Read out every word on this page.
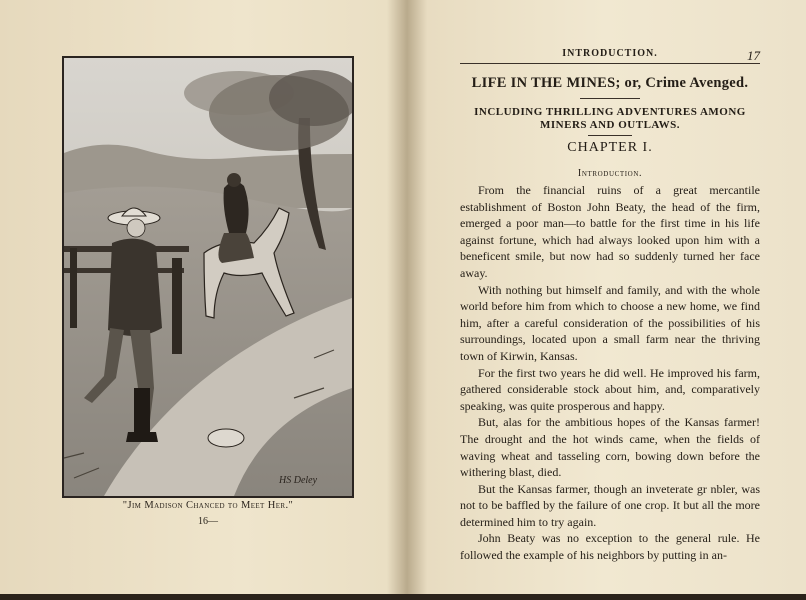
HS Deley
"Jim Madison Chanced to Meet Her."
16—
INTRODUCTION.	17
LIFE IN THE MINES; or, Crime Avenged.
INCLUDING THRILLING ADVENTURES AMONG MINERS AND OUTLAWS.
CHAPTER I.
Introduction.

From the financial ruins of a great mercantile establishment of Boston John Beaty, the head of the firm, emerged a poor man—to battle for the first time in his life against fortune, which had always looked upon him with a beneficent smile, but now had so suddenly turned her face away.

With nothing but himself and family, and with the whole world before him from which to choose a new home, we find him, after a careful consideration of the possibilities of his surroundings, located upon a small farm near the thriving town of Kirwin, Kansas.

For the first two years he did well. He improved his farm, gathered considerable stock about him, and, comparatively speaking, was quite prosperous and happy.

But, alas for the ambitious hopes of the Kansas farmer! The drought and the hot winds came, when the fields of waving wheat and tasseling corn, bowing down before the withering blast, died.

But the Kansas farmer, though an inveterate gr nbler, was not to be baffled by the failure of one crop. It but all the more determined him to try again.

John Beaty was no exception to the general rule. He followed the example of his neighbors by putting in an-
